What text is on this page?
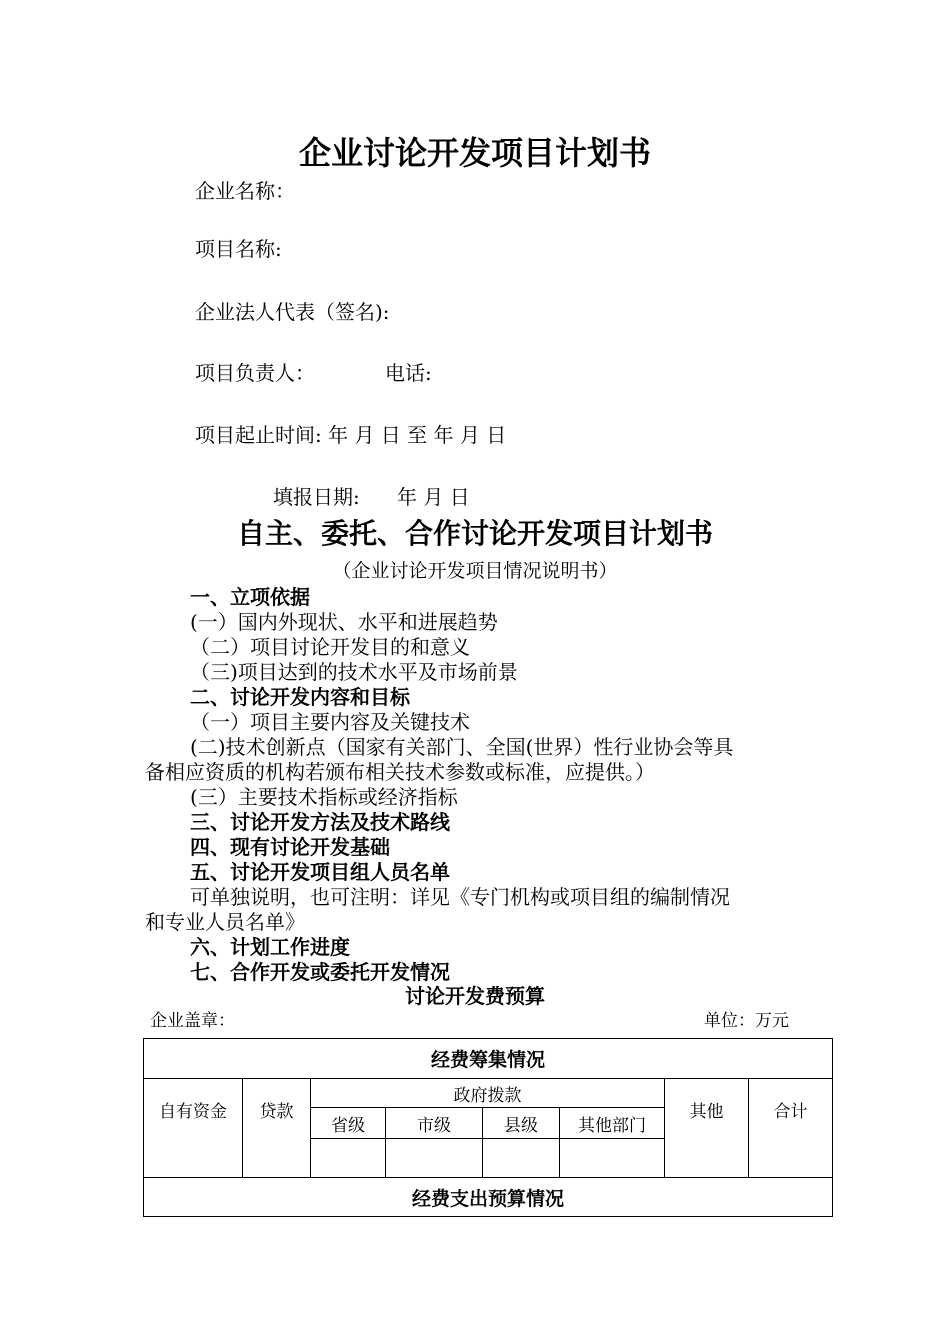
企业讨论开发项目计划书
企业名称：
项目名称:
企业法人代表（签名):
项目负责人：	电话:
项目起止时间: 年 月 日 至 年 月 日
填报日期: 年 月 日
自主、委托、合作讨论开发项目计划书
（企业讨论开发项目情况说明书）
一、立项依据
(一）国内外现状、水平和进展趋势
（二）项目讨论开发目的和意义
（三)项目达到的技术水平及市场前景
二、讨论开发内容和目标
（一）项目主要内容及关键技术
(二)技术创新点（国家有关部门、全国(世界）性行业协会等具
备相应资质的机构若颁布相关技术参数或标准，应提供。）
(三）主要技术指标或经济指标
三、讨论开发方法及技术路线
四、现有讨论开发基础
五、讨论开发项目组人员名单
可单独说明，也可注明：详见《专门机构或项目组的编制情况
和专业人员名单》
六、计划工作进度
七、合作开发或委托开发情况
讨论开发费预算
企业盖章：	单位：万元
经费筹集情况							
自有资金	贷款	政府拨款				其他	合计
		省级	市级	县级	其他部门		

经费支出预算情况							
